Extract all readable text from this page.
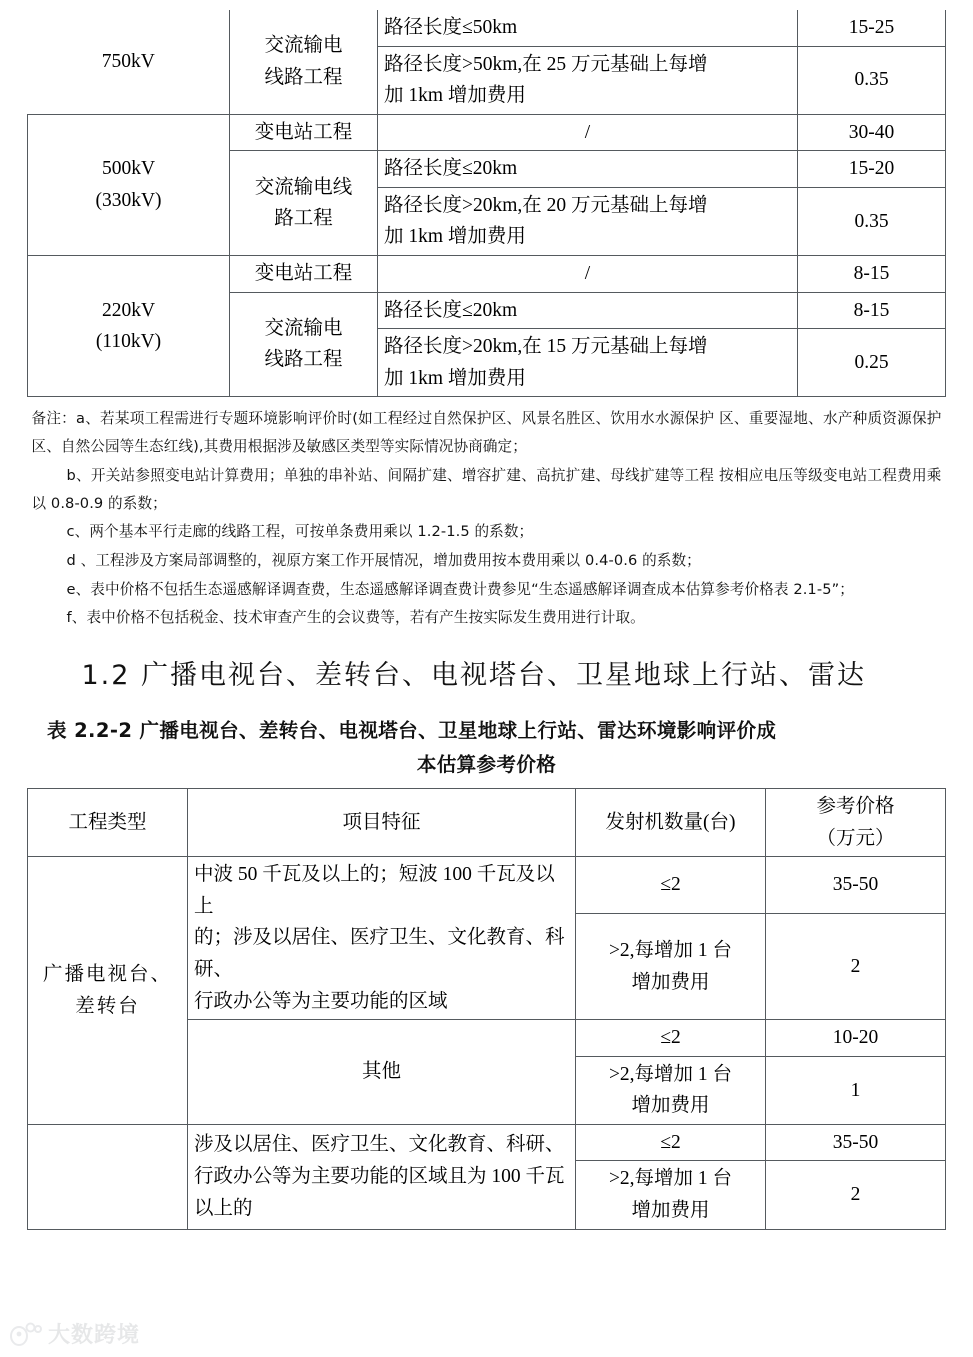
750kV	交流输电
线路工程	路径长度≤50km	15-25
		路径长度>50km,在 25 万元基础上每增
加 1km 增加费用	0.35
500kV
(330kV)	变电站工程	/	30-40
	交流输电线
路工程	路径长度≤20km	15-20
		路径长度>20km,在 20 万元基础上每增
加 1km 增加费用	0.35
220kV
(110kV)	变电站工程	/	8-15
	交流输电
线路工程	路径长度≤20km	8-15
		路径长度>20km,在 15 万元基础上每增
加 1km 增加费用	0.25

备注：a、若某项工程需进行专题环境影响评价时(如工程经过自然保护区、风景名胜区、饮用水水源保护 区、重要湿地、水产种质资源保护区、自然公园等生态红线),其费用根据涉及敏感区类型等实际情况协商确定；

b、开关站参照变电站计算费用；单独的串补站、间隔扩建、增容扩建、高抗扩建、母线扩建等工程 按相应电压等级变电站工程费用乘以 0.8-0.9 的系数；

c、两个基本平行走廊的线路工程，可按单条费用乘以 1.2-1.5 的系数；

d 、工程涉及方案局部调整的，视原方案工作开展情况，增加费用按本费用乘以 0.4-0.6 的系数；

e、表中价格不包括生态遥感解译调查费，生态遥感解译调查费计费参见“生态遥感解译调查成本估算参考价格表 2.1-5”；

f、表中价格不包括税金、技术审查产生的会议费等，若有产生按实际发生费用进行计取。

1.2 广播电视台、差转台、电视塔台、卫星地球上行站、雷达
表 2.2-2 广播电视台、差转台、电视塔台、卫星地球上行站、雷达环境影响评价成
本估算参考价格
工程类型	项目特征	发射机数量(台)	参考价格
（万元）
广播电视台、
差转台	中波 50 千瓦及以上的；短波 100 千瓦及以上
的；涉及以居住、医疗卫生、文化教育、科研、
行政办公等为主要功能的区域	≤2	35-50
		>2,每增加 1 台
增加费用	2
	其他	≤2	10-20
		>2,每增加 1 台
增加费用	1
	涉及以居住、医疗卫生、文化教育、科研、
行政办公等为主要功能的区域且为 100 千瓦
以上的	≤2	35-50
		>2,每增加 1 台
增加费用	2
大数跨境
